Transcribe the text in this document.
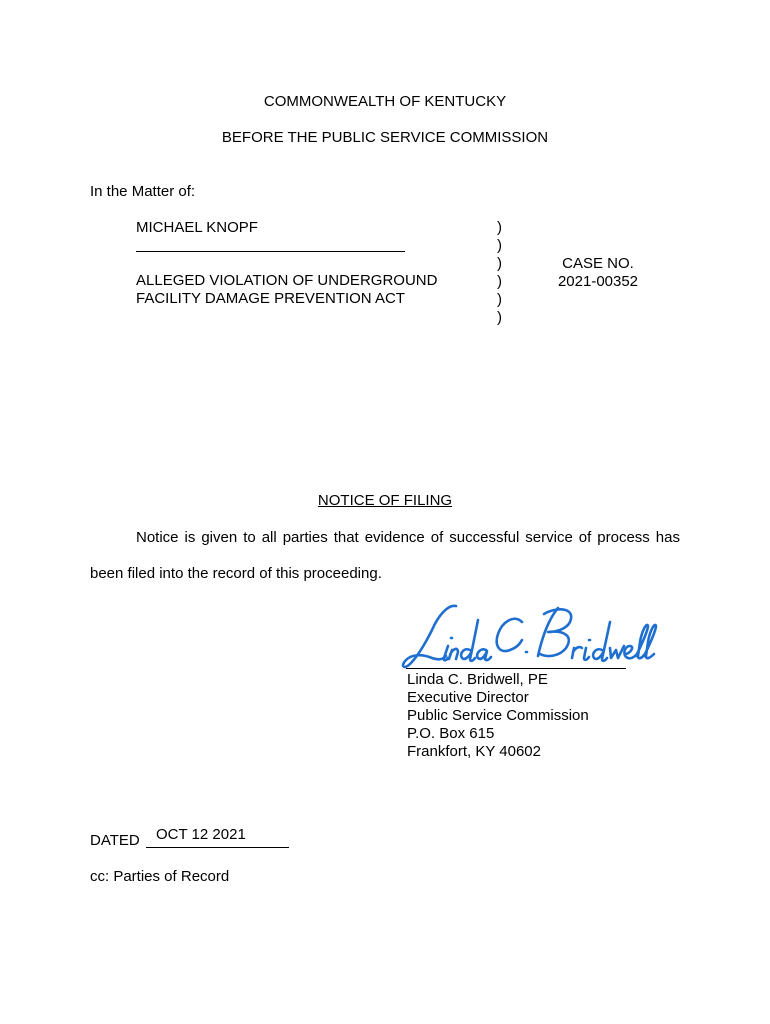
COMMONWEALTH OF KENTUCKY
BEFORE THE PUBLIC SERVICE COMMISSION
In the Matter of:
MICHAEL KNOPF
ALLEGED VIOLATION OF UNDERGROUND
FACILITY DAMAGE PREVENTION ACT
)
)
)
)
)
)
CASE NO.
2021-00352
NOTICE OF FILING
Notice is given to all parties that evidence of successful service of process has
been filed into the record of this proceeding.
Linda C. Bridwell, PE
Executive Director
Public Service Commission
P.O. Box 615
Frankfort, KY 40602
DATED OCT 12 2021
cc: Parties of Record
